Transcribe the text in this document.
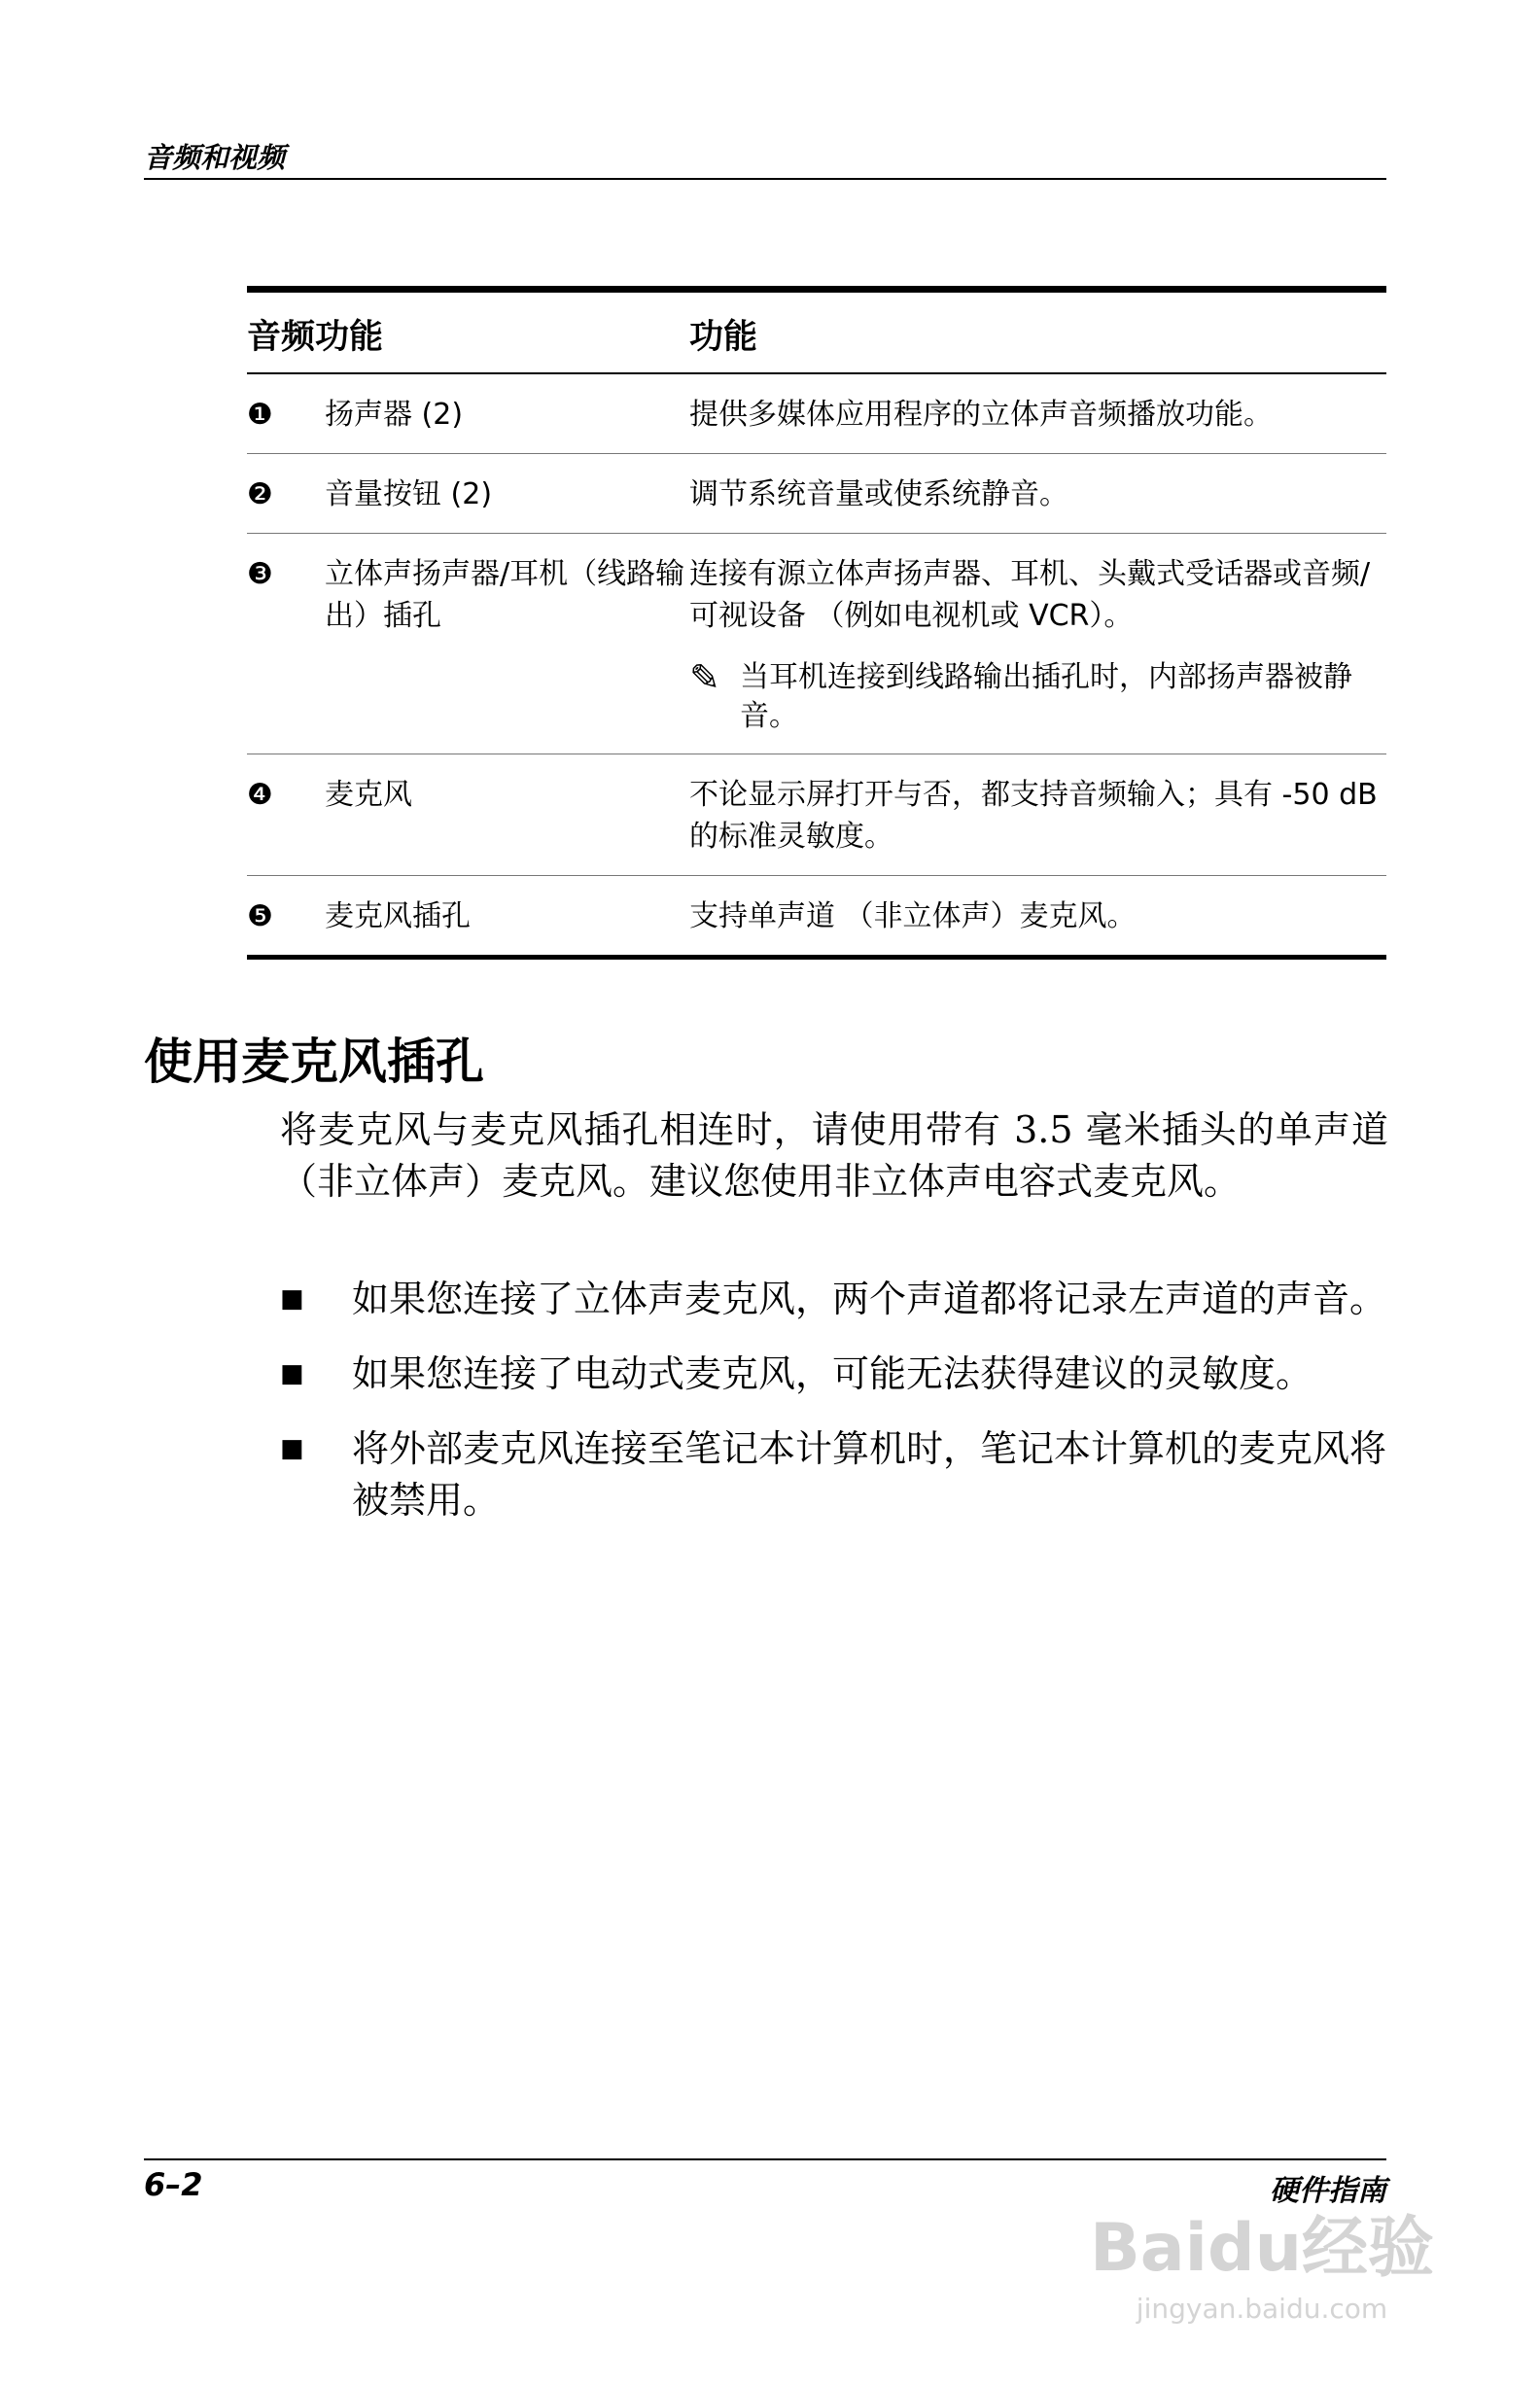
音频和视频
音频功能		功能
❶	扬声器 (2)	提供多媒体应用程序的立体声音频播放功能。
❷	音量按钮 (2)	调节系统音量或使系统静音。
❸	立体声扬声器/耳机（线路输出）插孔	连接有源立体声扬声器、耳机、头戴式受话器或音频/可视设备 （例如电视机或 VCR）。
✎ 当耳机连接到线路输出插孔时，内部扬声器被静音。

❹	麦克风	不论显示屏打开与否，都支持音频输入；具有 -50 dB 的标准灵敏度。
❺	麦克风插孔	支持单声道 （非立体声）麦克风。
使用麦克风插孔

将麦克风与麦克风插孔相连时，请使用带有 3.5 毫米插头的单声道 （非立体声）麦克风。建议您使用非立体声电容式麦克风。

■ 如果您连接了立体声麦克风，两个声道都将记录左声道的声音。
■ 如果您连接了电动式麦克风，可能无法获得建议的灵敏度。
■ 将外部麦克风连接至笔记本计算机时，笔记本计算机的麦克风将被禁用。
6–2	硬件指南
Baidu经验
jingyan.baidu.com
